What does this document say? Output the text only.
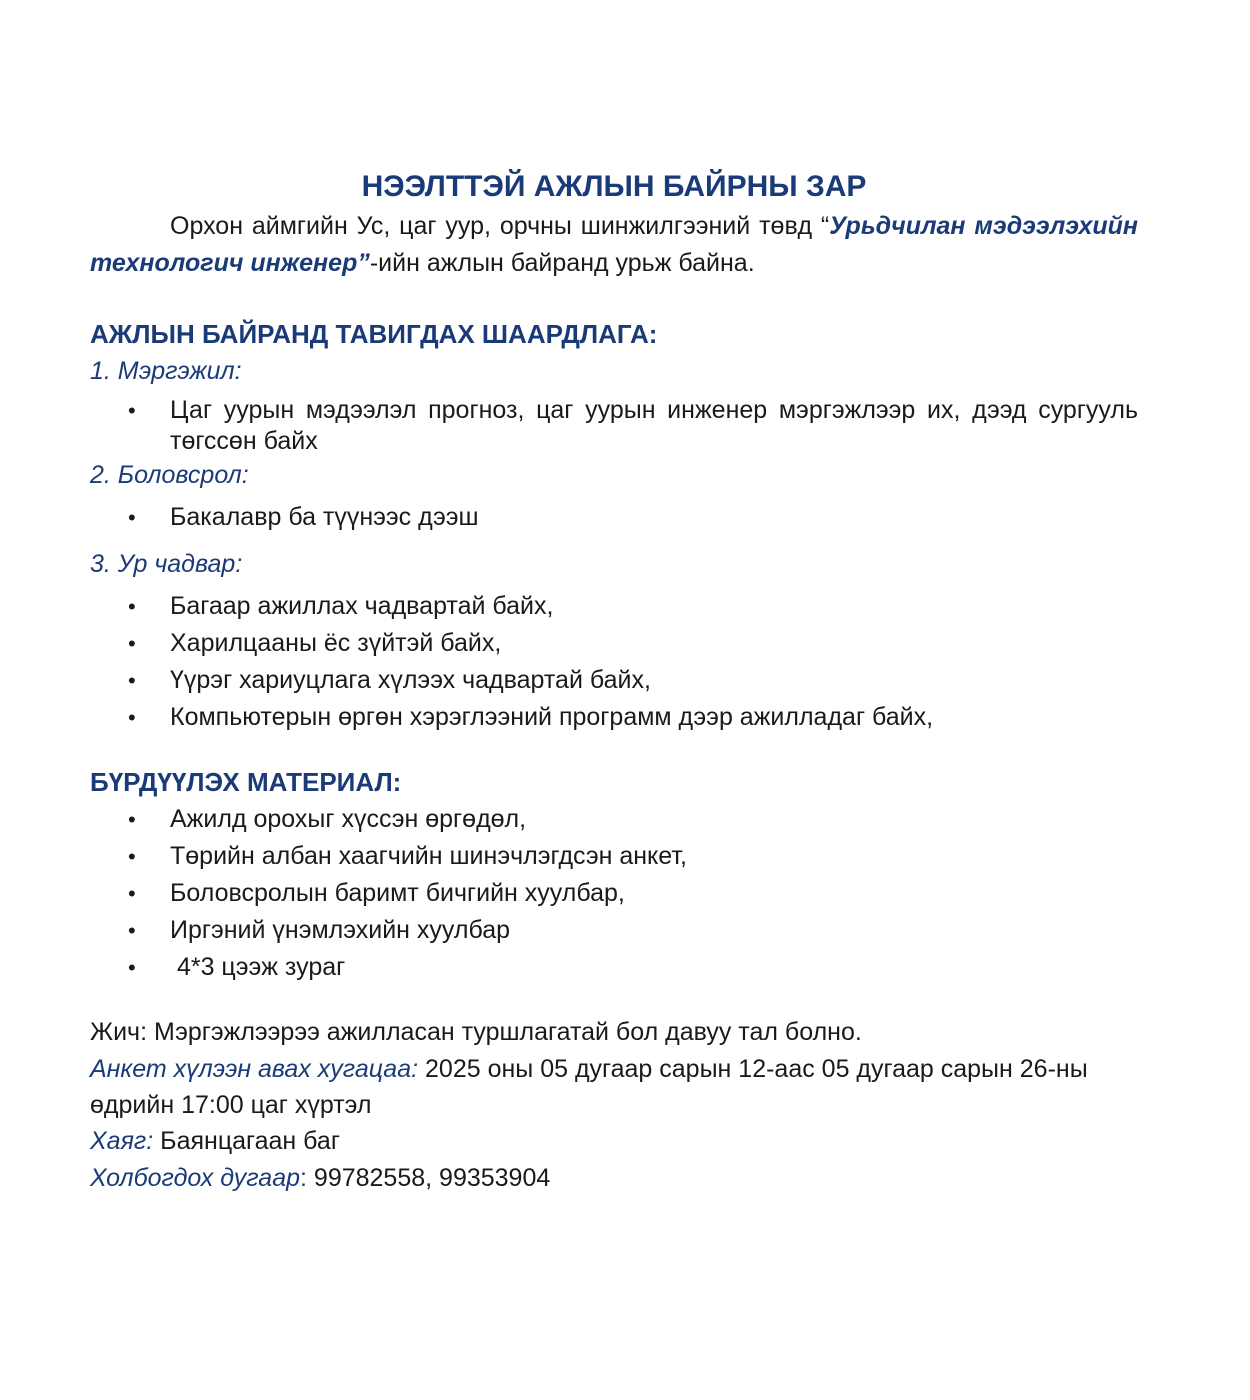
НЭЭЛТТЭЙ АЖЛЫН БАЙРНЫ ЗАР

Орхон аймгийн Ус, цаг уур, орчны шинжилгээний төвд “Урьдчилан мэдээлэхийн технологич инженер”-ийн ажлын байранд урьж байна.

АЖЛЫН БАЙРАНД ТАВИГДАХ ШААРДЛАГА:

1. Мэргэжил:

• Цаг уурын мэдээлэл прогноз, цаг уурын инженер мэргэжлээр их, дээд сургууль төгссөн байх

2. Боловсрол:

• Бакалавр ба түүнээс дээш

3. Ур чадвар:

• Багаар ажиллах чадвартай байх,
• Харилцааны ёс зүйтэй байх,
• Үүрэг хариуцлага хүлээх чадвартай байх,
• Компьютерын өргөн хэрэглээний программ дээр ажилладаг байх,
БҮРДҮҮЛЭХ МАТЕРИАЛ:
• Ажилд орохыг хүссэн өргөдөл,
• Төрийн албан хаагчийн шинэчлэгдсэн анкет,
• Боловсролын баримт бичгийн хуулбар,
• Иргэний үнэмлэхийн хуулбар
• 4*3 цээж зураг

Жич: Мэргэжлээрээ ажилласан туршлагатай бол давуу тал болно.

Анкет хүлээн авах хугацаа: 2025 оны 05 дугаар сарын 12-аас 05 дугаар сарын 26-ны өдрийн 17:00 цаг хүртэл

Хаяг: Баянцагаан баг

Холбогдох дугаар: 99782558, 99353904
